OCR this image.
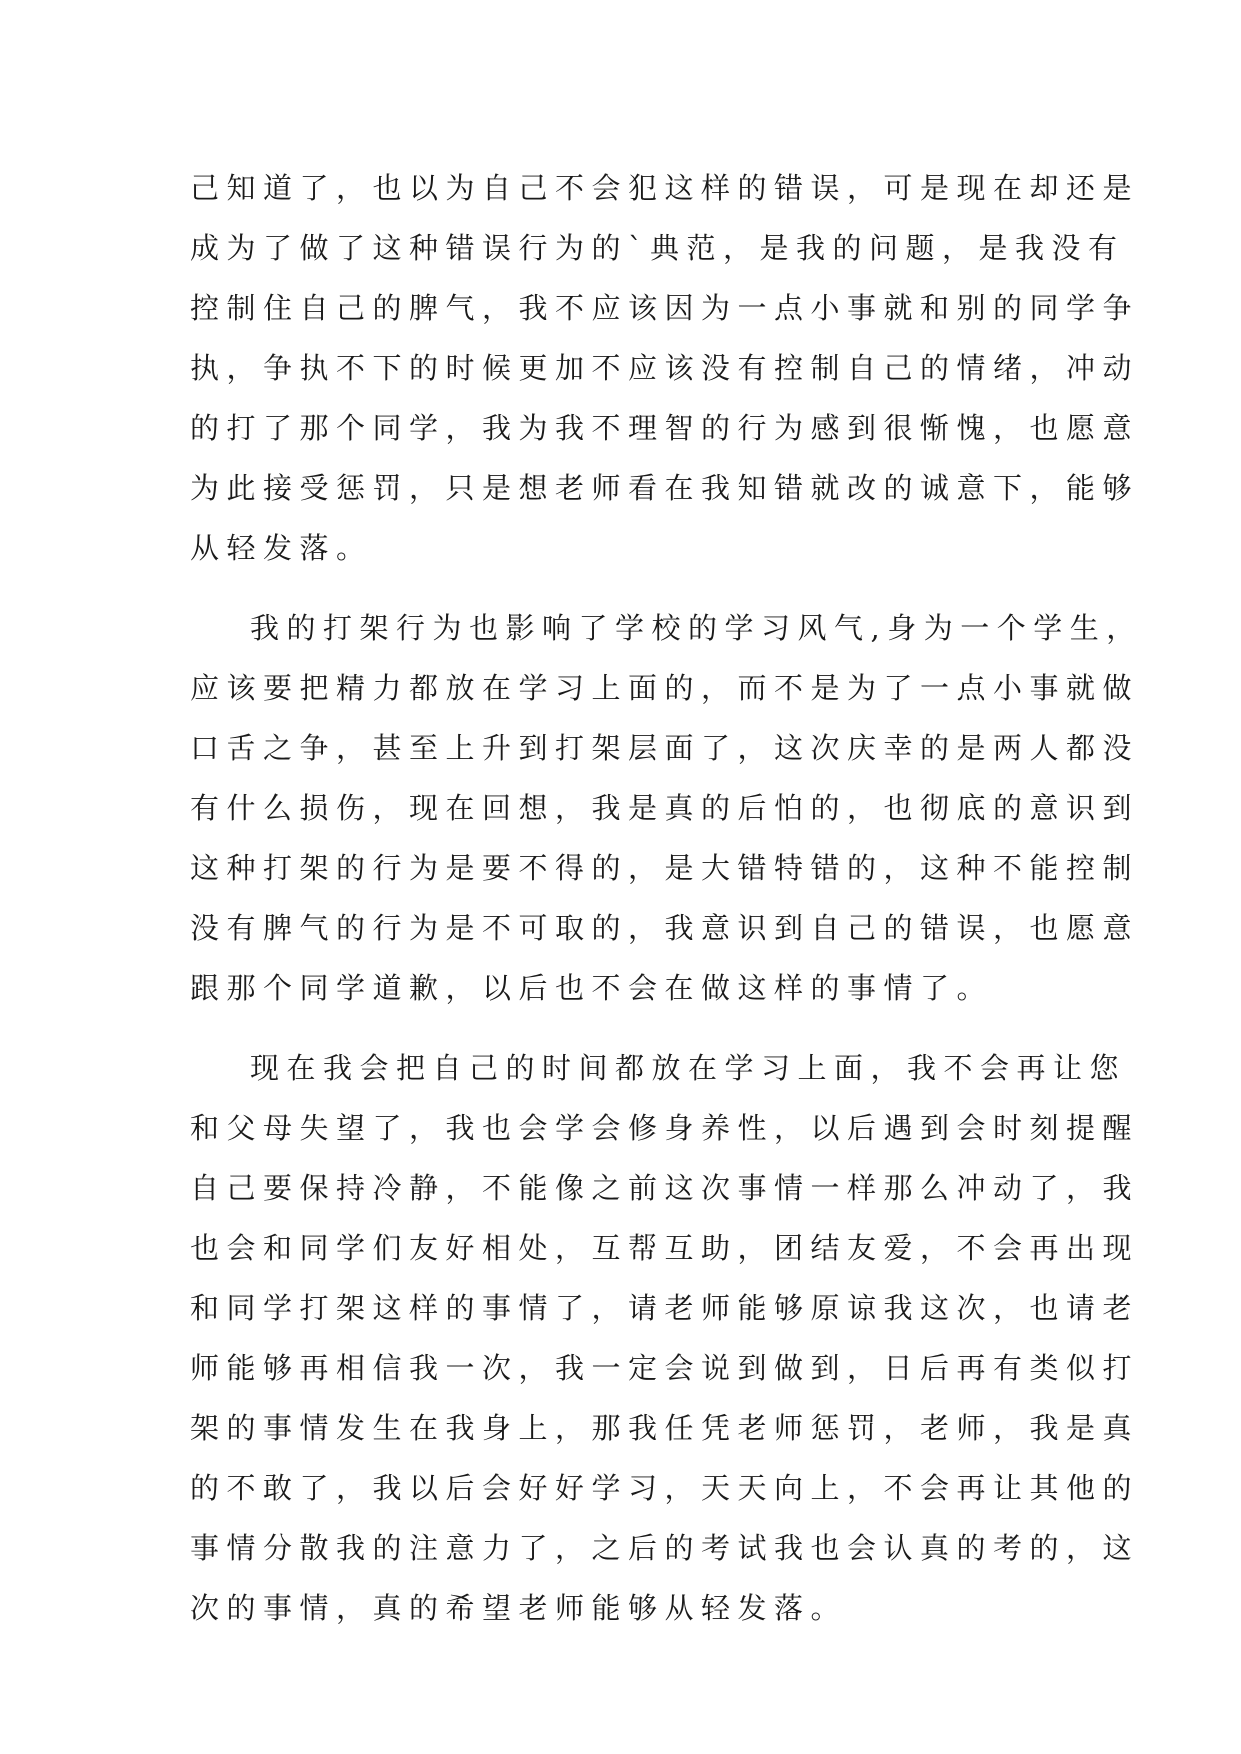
己知道了，也以为自己不会犯这样的错误，可是现在却还是
成为了做了这种错误行为的`典范，是我的问题，是我没有
控制住自己的脾气，我不应该因为一点小事就和别的同学争
执，争执不下的时候更加不应该没有控制自己的情绪，冲动
的打了那个同学，我为我不理智的行为感到很惭愧，也愿意
为此接受惩罚，只是想老师看在我知错就改的诚意下，能够
从轻发落。
我的打架行为也影响了学校的学习风气,身为一个学生，
应该要把精力都放在学习上面的，而不是为了一点小事就做
口舌之争，甚至上升到打架层面了，这次庆幸的是两人都没
有什么损伤，现在回想，我是真的后怕的，也彻底的意识到
这种打架的行为是要不得的，是大错特错的，这种不能控制
没有脾气的行为是不可取的，我意识到自己的错误，也愿意
跟那个同学道歉，以后也不会在做这样的事情了。
现在我会把自己的时间都放在学习上面，我不会再让您
和父母失望了，我也会学会修身养性，以后遇到会时刻提醒
自己要保持冷静，不能像之前这次事情一样那么冲动了，我
也会和同学们友好相处，互帮互助，团结友爱，不会再出现
和同学打架这样的事情了，请老师能够原谅我这次，也请老
师能够再相信我一次，我一定会说到做到，日后再有类似打
架的事情发生在我身上，那我任凭老师惩罚，老师，我是真
的不敢了，我以后会好好学习，天天向上，不会再让其他的
事情分散我的注意力了，之后的考试我也会认真的考的，这
次的事情，真的希望老师能够从轻发落。
